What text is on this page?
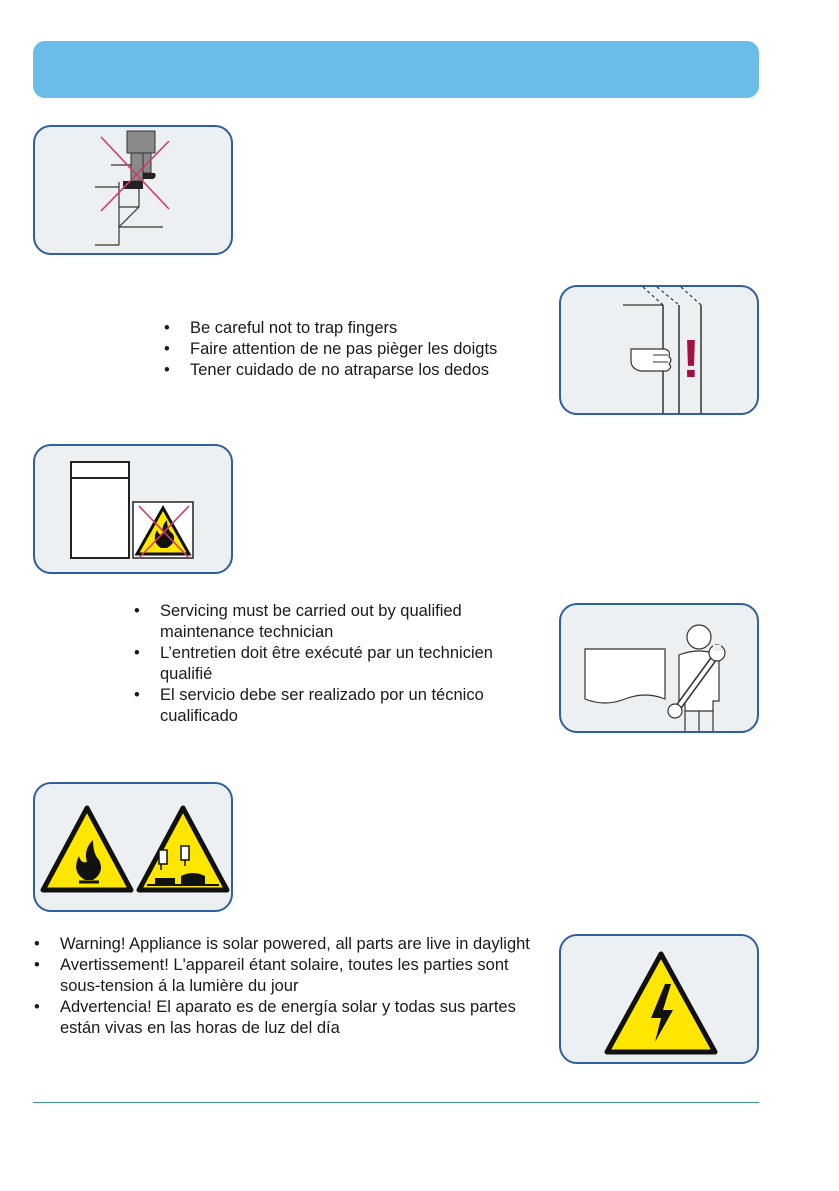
• Be careful not to trap fingers
• Faire attention de ne pas pièger les doigts
• Tener cuidado de no atraparse los dedos	!
• Servicing must be carried out by qualified maintenance technician
• L’entretien doit être exécuté par un technicien qualifié
• El servicio debe ser realizado por un técnico cualificado
• Warning! Appliance is solar powered, all parts are live in daylight
• Avertissement! L'appareil étant solaire, toutes les parties sont sous-tension á la lumière du jour
• Advertencia! El aparato es de energía solar y todas sus partes están vivas en las horas de luz del día
